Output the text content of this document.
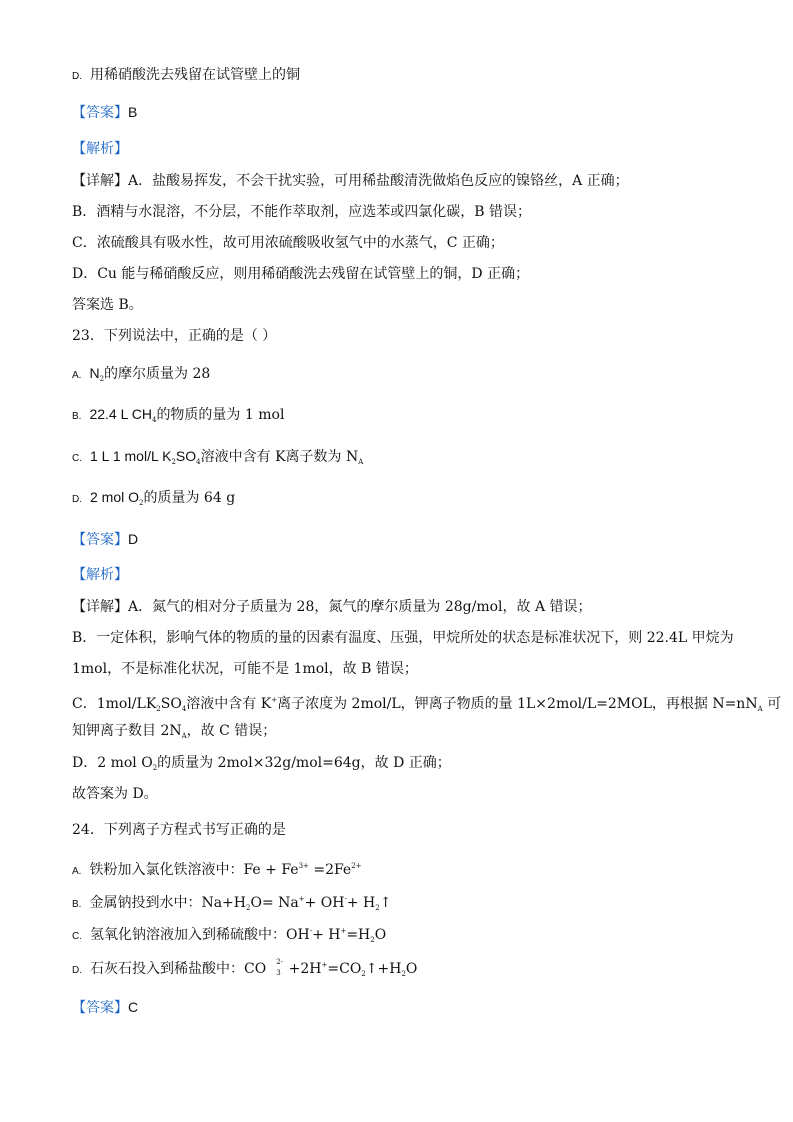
D. 用稀硝酸洗去残留在试管壁上的铜
【答案】B
【解析】
【详解】A．盐酸易挥发，不会干扰实验，可用稀盐酸清洗做焰色反应的镍铬丝，A 正确；
B．酒精与水混溶，不分层，不能作萃取剂，应选苯或四氯化碳，B 错误；
C．浓硫酸具有吸水性，故可用浓硫酸吸收氢气中的水蒸气，C 正确；
D．Cu 能与稀硝酸反应，则用稀硝酸洗去残留在试管壁上的铜，D 正确；
答案选 B。
23．下列说法中，正确的是（ ）
A. $N_2$的摩尔质量为 28
B. 22.4 L $CH_4$的物质的量为 1 mol
C. 1 L 1 mol/L $K_2SO_4$溶液中含有 K离子数为 $N_A$
D. 2 mol $O_2$的质量为 64 g
【答案】D
【解析】
【详解】A．氮气的相对分子质量为 28，氮气的摩尔质量为 28g/mol，故 A 错误；
B．一定体积，影响气体的物质的量的因素有温度、压强，甲烷所处的状态是标准状况下，则 22.4L 甲烷为
1mol，不是标准化状况，可能不是 1mol，故 B 错误；
C．$1mol/LK_2SO_4$溶液中含有 K+离子浓度为 2mol/L，钾离子物质的量 1L×2mol/L=2MOL，再根据 $N=nN_A$ 可
知钾离子数目 $2N_A$，故 C 错误；
D．2 mol $O_2$的质量为 2mol×32g/mol=64g，故 D 正确；
故答案为 D。
24．下列离子方程式书写正确的是
A. 铁粉加入氯化铁溶液中：$Fe + Fe^{3+} =2Fe^{2+}$
B. 金属钠投到水中：$Na+H_2O= Na^++ OH^-+$ $H_2↑$
C. 氢氧化钠溶液加入到稀硫酸中：$OH^-+ H^+=H_2O$
D. 石灰石投入到稀盐酸中：CO 2-
$3 +2H^+=CO_2↑+H_2O$
【答案】C
